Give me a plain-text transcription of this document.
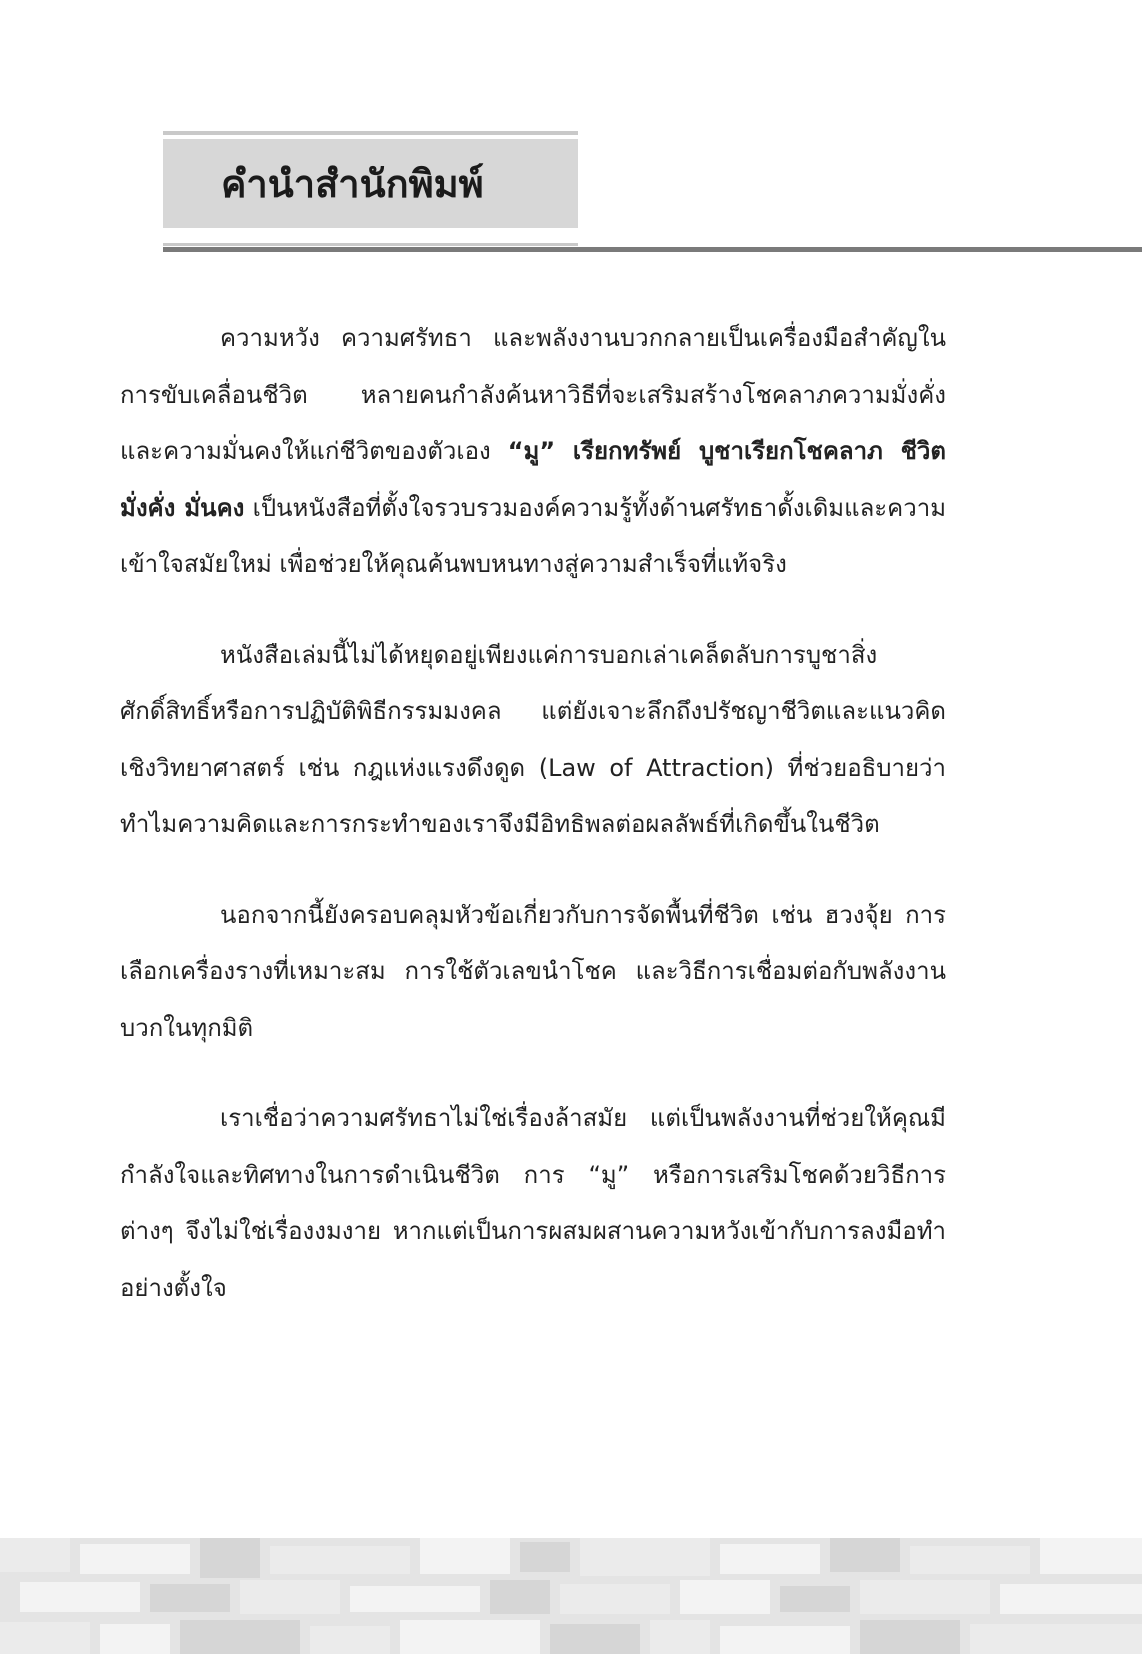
คำนำสำนักพิมพ์

ความหวัง ความศรัทธา และพลังงานบวกกลายเป็นเครื่องมือสำคัญในการขับเคลื่อนชีวิต หลายคนกำลังค้นหาวิธีที่จะเสริมสร้างโชคลาภความมั่งคั่ง และความมั่นคงให้แก่ชีวิตของตัวเอง “มู” เรียกทรัพย์ บูชาเรียกโชคลาภ ชีวิตมั่งคั่ง มั่นคง เป็นหนังสือที่ตั้งใจรวบรวมองค์ความรู้ทั้งด้านศรัทธาดั้งเดิมและความเข้าใจสมัยใหม่ เพื่อช่วยให้คุณค้นพบหนทางสู่ความสำเร็จที่แท้จริง

หนังสือเล่มนี้ไม่ได้หยุดอยู่เพียงแค่การบอกเล่าเคล็ดลับการบูชาสิ่งศักดิ์สิทธิ์หรือการปฏิบัติพิธีกรรมมงคล แต่ยังเจาะลึกถึงปรัชญาชีวิตและแนวคิดเชิงวิทยาศาสตร์ เช่น กฎแห่งแรงดึงดูด (Law of Attraction) ที่ช่วยอธิบายว่าทำไมความคิดและการกระทำของเราจึงมีอิทธิพลต่อผลลัพธ์ที่เกิดขึ้นในชีวิต

นอกจากนี้ยังครอบคลุมหัวข้อเกี่ยวกับการจัดพื้นที่ชีวิต เช่น ฮวงจุ้ย การเลือกเครื่องรางที่เหมาะสม การใช้ตัวเลขนำโชค และวิธีการเชื่อมต่อกับพลังงานบวกในทุกมิติ

เราเชื่อว่าความศรัทธาไม่ใช่เรื่องล้าสมัย แต่เป็นพลังงานที่ช่วยให้คุณมีกำลังใจและทิศทางในการดำเนินชีวิต การ “มู” หรือการเสริมโชคด้วยวิธีการต่างๆ จึงไม่ใช่เรื่องงมงาย หากแต่เป็นการผสมผสานความหวังเข้ากับการลงมือทำอย่างตั้งใจ
